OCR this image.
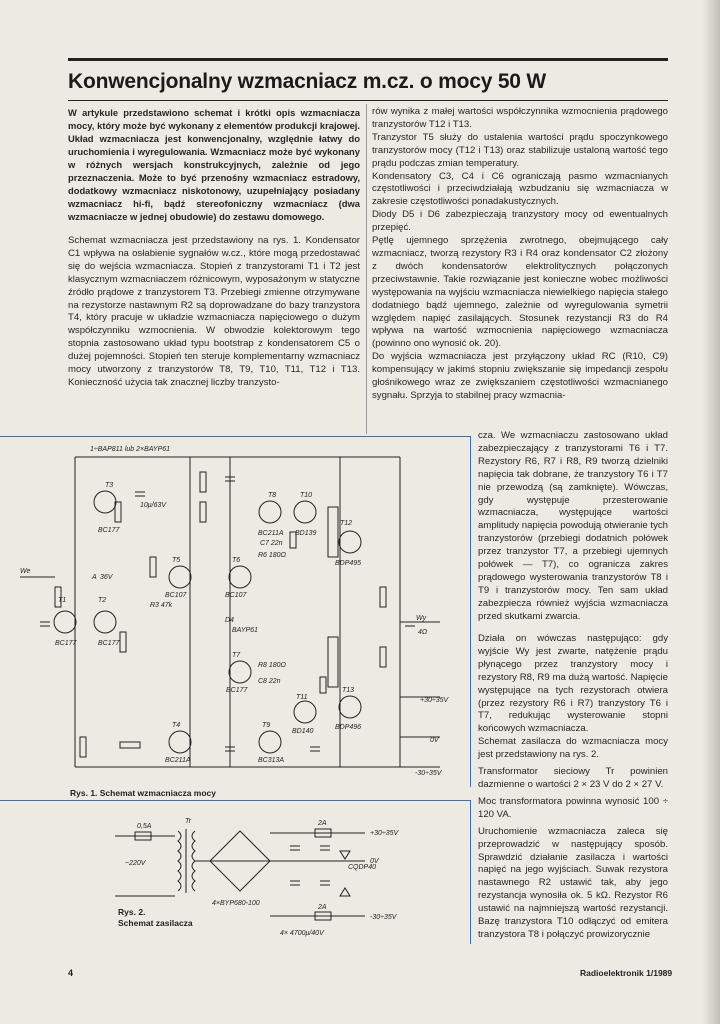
Konwencjonalny wzmacniacz m.cz. o mocy 50 W

W artykule przedstawiono schemat i krótki opis wzmacniacza mocy, który może być wykonany z elementów produkcji krajowej. Układ wzmacniacza jest konwencjonalny, względnie łatwy do uruchomienia i wyregulowania. Wzmacniacz może być wykonany w różnych wersjach konstrukcyjnych, zależnie od jego przeznaczenia. Może to być przenośny wzmacniacz estradowy, dodatkowy wzmacniacz niskotonowy, uzupełniający posiadany wzmacniacz hi-fi, bądź stereofoniczny wzmacniacz (dwa wzmacniacze w jednej obudowie) do zestawu domowego.

Schemat wzmacniacza jest przedstawiony na rys. 1. Kondensator C1 wpływa na osłabienie sygnałów w.cz., które mogą przedostawać się do wejścia wzmacniacza. Stopień z tranzystorami T1 i T2 jest klasycznym wzmacniaczem różnicowym, wyposażonym w statyczne źródło prądowe z tranzystorem T3. Przebiegi zmienne otrzymywane na rezystorze nastawnym R2 są doprowadzane do bazy tranzystora T4, który pracuje w układzie wzmacniacza napięciowego o dużym współczynniku wzmocnienia. W obwodzie kolektorowym tego stopnia zastosowano układ typu bootstrap z kondensatorem C5 o dużej pojemności. Stopień ten steruje komplementarny wzmacniacz mocy utworzony z tranzystorów T8, T9, T10, T11, T12 i T13. Konieczność użycia tak znacznej liczby tranzysto-

rów wynika z małej wartości współczynnika wzmocnienia prądowego tranzystorów T12 i T13.

Tranzystor T5 służy do ustalenia wartości prądu spoczynkowego tranzystorów mocy (T12 i T13) oraz stabilizuje ustaloną wartość tego prądu podczas zmian temperatury.

Kondensatory C3, C4 i C6 ograniczają pasmo wzmacnianych częstotliwości i przeciwdziałają wzbudzaniu się wzmacniacza w zakresie częstotliwości ponadakustycznych.

Diody D5 i D6 zabezpieczają tranzystory mocy od ewentualnych przepięć.

Pętlę ujemnego sprzężenia zwrotnego, obejmującego cały wzmacniacz, tworzą rezystory R3 i R4 oraz kondensator C2 złożony z dwóch kondensatorów elektrolitycznych połączonych przeciwstawnie. Takie rozwiązanie jest konieczne wobec możliwości występowania na wyjściu wzmacniacza niewielkiego napięcia stałego dodatniego bądź ujemnego, zależnie od wyregulowania symetrii względem napięć zasilających. Stosunek rezystancji R3 do R4 wpływa na wartość wzmocnienia napięciowego wzmacniacza (powinno ono wynosić ok. 20).

Do wyjścia wzmacniacza jest przyłączony układ RC (R10, C9) kompensujący w jakimś stopniu zwiększanie się impedancji zespołu głośnikowego wraz ze zwiększaniem częstotliwości wzmacnianego sygnału. Sprzyja to stabilnej pracy wzmacnia-

cza. We wzmacniaczu zastosowano układ zabezpieczający z tranzystorami T6 i T7. Rezystory R6, R7 i R8, R9 tworzą dzielniki napięcia tak dobrane, że tranzystory T6 i T7 nie przewodzą (są zamknięte). Wówczas, gdy występuje przesterowanie wzmacniacza, występujące wartości amplitudy napięcia powodują otwieranie tych tranzystorów (przebiegi dodatnich połówek przez tranzystor T7, a przebiegi ujemnych połówek — T7), co ogranicza zakres prądowego wysterowania tranzystorów T8 i T9 i tranzystorów mocy. Ten sam układ zabezpiecza również wyjścia wzmacniacza przed skutkami zwarcia.

Działa on wówczas następująco: gdy wyjście Wy jest zwarte, natężenie prądu płynącego przez tranzystory mocy i rezystory R8, R9 ma dużą wartość. Napięcie występujące na tych rezystorach otwiera (przez rezystory R6 i R7) tranzystory T6 i T7, redukując wysterowanie stopni końcowych wzmacniacza.

Schemat zasilacza do wzmacniacza mocy jest przedstawiony na rys. 2.

Transformator sieciowy Tr powinien dazmienne o wartości 2 × 23 V do 2 × 27 V.

Moc transformatora powinna wynosić 100 ÷ 120 VA.

Uruchomienie wzmacniacza zaleca się przeprowadzić w następujący sposób. Sprawdzić działanie zasilacza i wartości napięć na jego wyjściach. Suwak rezystora nastawnego R2 ustawić tak, aby jego rezystancja wynosiła ok. 5 kΩ. Rezystor R6 ustawić na najmniejszą wartość rezystancji. Bazę tranzystora T10 odłączyć od emitera tranzystora T8 i połączyć prowizorycznie

1÷BAP811 lub 2×BAYP61
T3
BC177
10μ/63V
T8
BC211A
T10
BD139
T12
BDP495
T5
BC107
T6
BC107
We
A 36V
T1	T2
BC177	BC177
T7
BC177	T13
BDP496
T11
BD140
T4
BC211A
T9
BC313A
Wy
4Ω
0V
+30÷35V
-30÷35V
R3 47k
R6 180Ω
R8 180Ω
C7 22n
C8 22n
D4
BAYP61
Rys. 1. Schemat wzmacniacza mocy
0,5A
Tr
~220V
2A
+30÷35V
CQDP40
0V
4×BYP680-100
2A
-30÷35V
4× 4700μ/40V
Rys. 2.
Schemat zasilacza
4	Radioelektronik 1/1989
